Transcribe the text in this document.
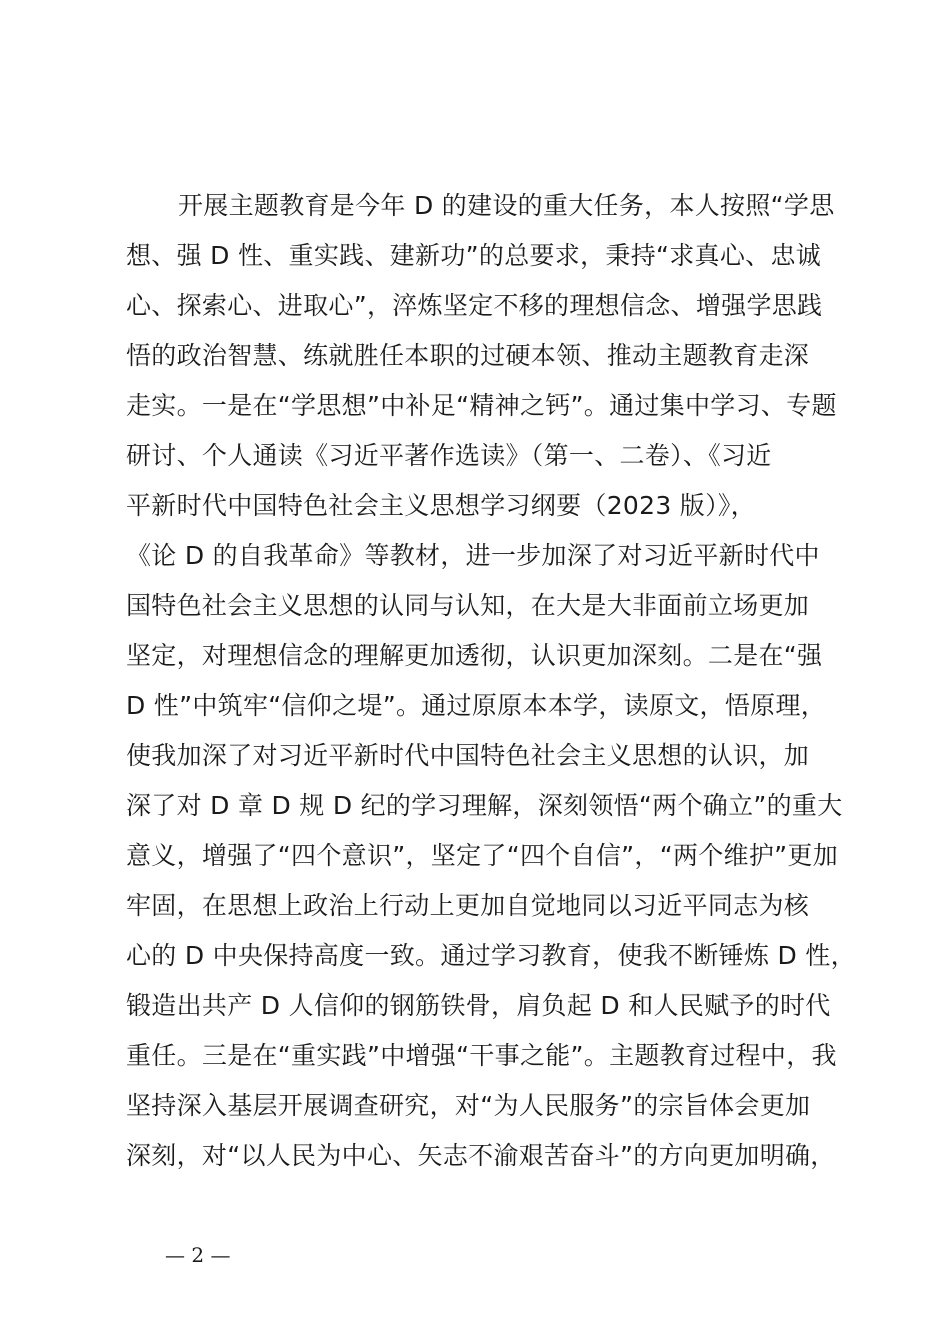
开展主题教育是今年 D 的建设的重大任务，本人按照“学思
想、强 D 性、重实践、建新功”的总要求，秉持“求真心、忠诚
心、探索心、进取心”，淬炼坚定不移的理想信念、增强学思践
悟的政治智慧、练就胜任本职的过硬本领、推动主题教育走深
走实。一是在“学思想”中补足“精神之钙”。通过集中学习、专题
研讨、个人通读《习近平著作选读》（第一、二卷）、《习近
平新时代中国特色社会主义思想学习纲要（2023 版）》，
《论 D 的自我革命》等教材，进一步加深了对习近平新时代中
国特色社会主义思想的认同与认知，在大是大非面前立场更加
坚定，对理想信念的理解更加透彻，认识更加深刻。二是在“强
D 性”中筑牢“信仰之堤”。通过原原本本学，读原文，悟原理，
使我加深了对习近平新时代中国特色社会主义思想的认识，加
深了对 D 章 D 规 D 纪的学习理解，深刻领悟“两个确立”的重大
意义，增强了“四个意识”，坚定了“四个自信”，“两个维护”更加
牢固，在思想上政治上行动上更加自觉地同以习近平同志为核
心的 D 中央保持高度一致。通过学习教育，使我不断锤炼 D 性，
锻造出共产 D 人信仰的钢筋铁骨，肩负起 D 和人民赋予的时代
重任。三是在“重实践”中增强“干事之能”。主题教育过程中，我
坚持深入基层开展调查研究，对“为人民服务”的宗旨体会更加
深刻，对“以人民为中心、矢志不渝艰苦奋斗”的方向更加明确，
— 2 —
